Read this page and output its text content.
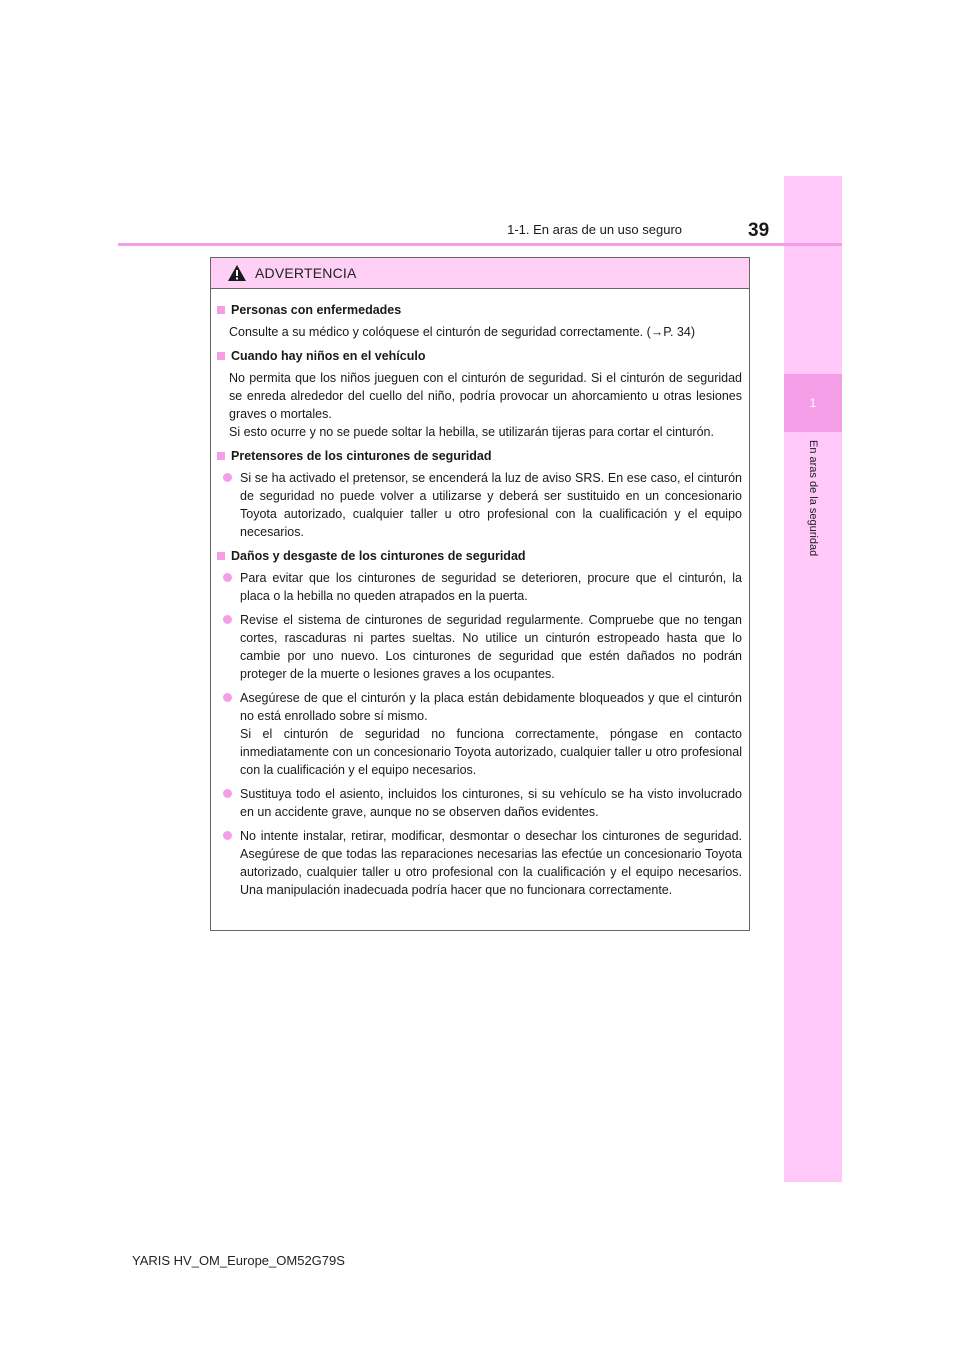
1
En aras de la seguridad
1-1. En aras de un uso seguro	39
ADVERTENCIA
Personas con enfermedades
Consulte a su médico y colóquese el cinturón de seguridad correctamente. (→P. 34)
Cuando hay niños en el vehículo
No permita que los niños jueguen con el cinturón de seguridad. Si el cinturón de seguridad se enreda alrededor del cuello del niño, podría provocar un ahorcamiento u otras lesiones graves o mortales.
Si esto ocurre y no se puede soltar la hebilla, se utilizarán tijeras para cortar el cinturón.
Pretensores de los cinturones de seguridad
Si se ha activado el pretensor, se encenderá la luz de aviso SRS. En ese caso, el cinturón de seguridad no puede volver a utilizarse y deberá ser sustituido en un concesionario Toyota autorizado, cualquier taller u otro profesional con la cualificación y el equipo necesarios.
Daños y desgaste de los cinturones de seguridad
Para evitar que los cinturones de seguridad se deterioren, procure que el cinturón, la placa o la hebilla no queden atrapados en la puerta.
Revise el sistema de cinturones de seguridad regularmente. Compruebe que no tengan cortes, rascaduras ni partes sueltas. No utilice un cinturón estropeado hasta que lo cambie por uno nuevo. Los cinturones de seguridad que estén dañados no podrán proteger de la muerte o lesiones graves a los ocupantes.
Asegúrese de que el cinturón y la placa están debidamente bloqueados y que el cinturón no está enrollado sobre sí mismo.
Si el cinturón de seguridad no funciona correctamente, póngase en contacto inmediatamente con un concesionario Toyota autorizado, cualquier taller u otro profesional con la cualificación y el equipo necesarios.
Sustituya todo el asiento, incluidos los cinturones, si su vehículo se ha visto involucrado en un accidente grave, aunque no se observen daños evidentes.
No intente instalar, retirar, modificar, desmontar o desechar los cinturones de seguridad. Asegúrese de que todas las reparaciones necesarias las efectúe un concesionario Toyota autorizado, cualquier taller u otro profesional con la cualificación y el equipo necesarios. Una manipulación inadecuada podría hacer que no funcionara correctamente.
YARIS HV_OM_Europe_OM52G79S
